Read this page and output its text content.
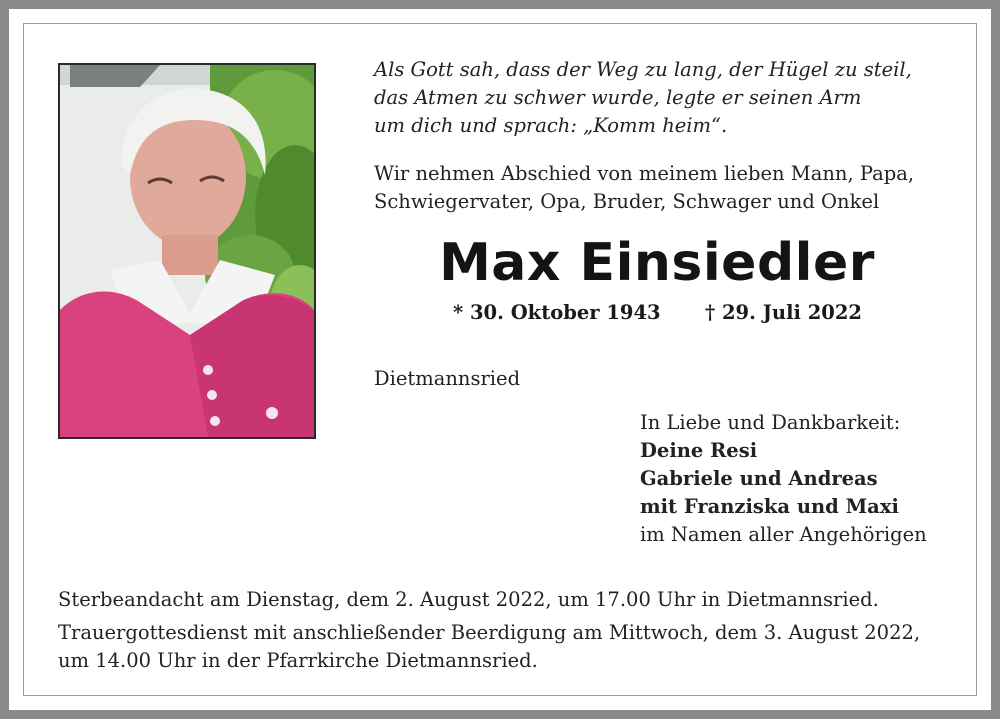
Als Gott sah, dass der Weg zu lang, der Hügel zu steil,
das Atmen zu schwer wurde, legte er seinen Arm
um dich und sprach: „Komm heim“.
Wir nehmen Abschied von meinem lieben Mann, Papa,
Schwiegervater, Opa, Bruder, Schwager und Onkel
Max Einsiedler
* 30. Oktober 1943 † 29. Juli 2022
Dietmannsried
In Liebe und Dankbarkeit:
Deine Resi
Gabriele und Andreas
mit Franziska und Maxi
im Namen aller Angehörigen
Sterbeandacht am Dienstag, dem 2. August 2022, um 17.00 Uhr in Dietmannsried.
Trauergottesdienst mit anschließender Beerdigung am Mittwoch, dem 3. August 2022,
um 14.00 Uhr in der Pfarrkirche Dietmannsried.
